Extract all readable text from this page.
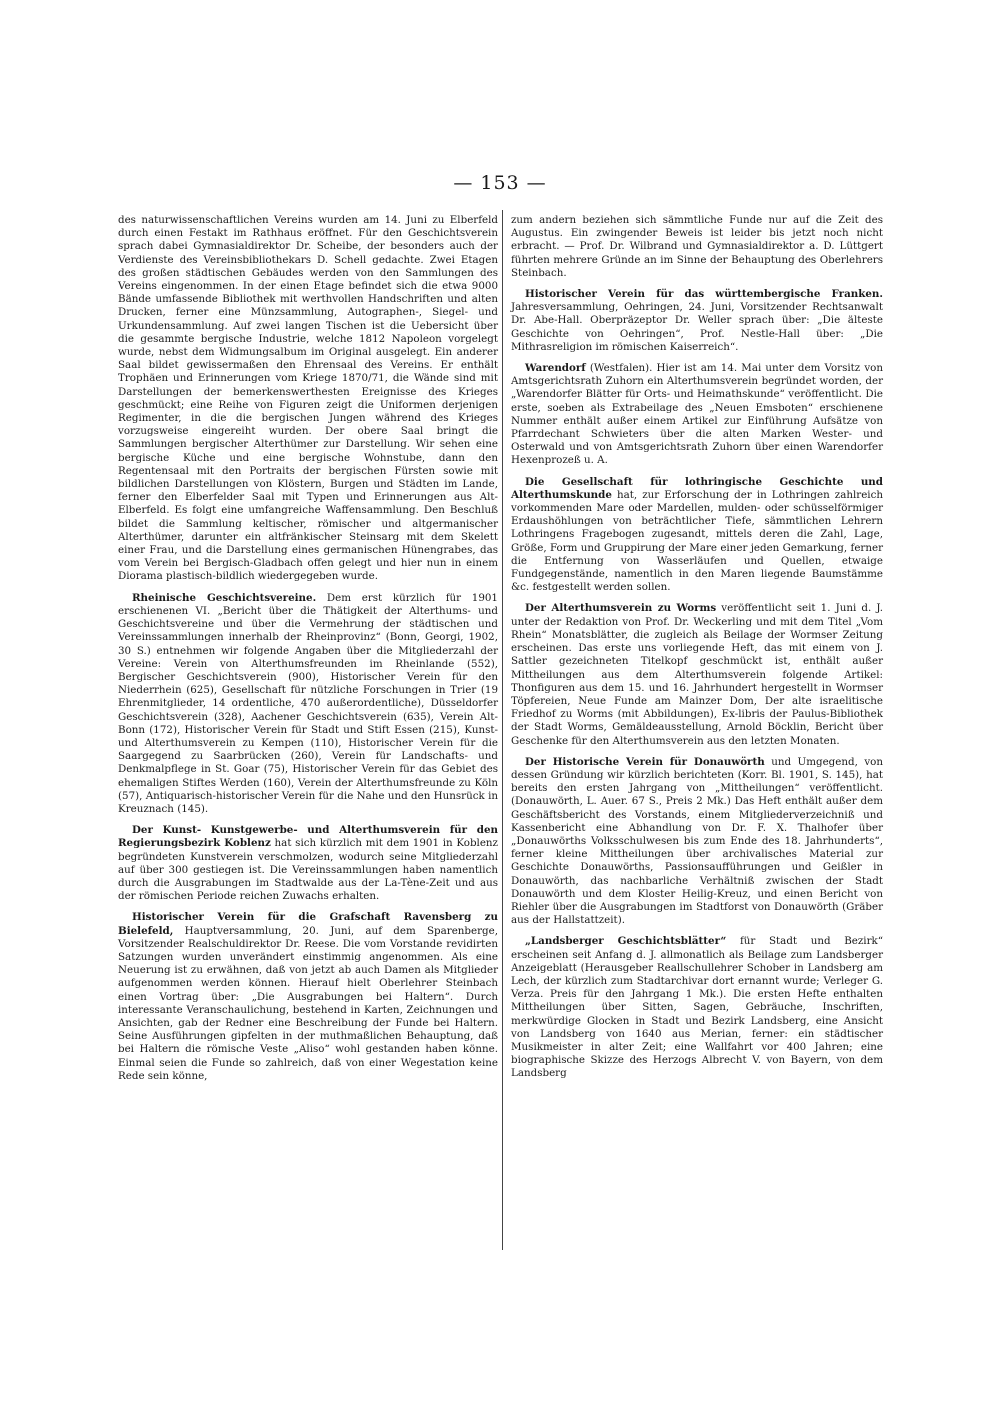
— 153 —

des naturwissenschaftlichen Vereins wurden am 14. Juni zu Elberfeld durch einen Festakt im Rathhaus eröffnet. Für den Geschichtsverein sprach dabei Gymnasialdirektor Dr. Scheibe, der besonders auch der Verdienste des Vereinsbibliothekars D. Schell gedachte. Zwei Etagen des großen städtischen Gebäudes werden von den Sammlungen des Vereins eingenommen. In der einen Etage befindet sich die etwa 9000 Bände umfassende Bibliothek mit werthvollen Handschriften und alten Drucken, ferner eine Münzsammlung, Autographen-, Siegel- und Urkundensammlung. Auf zwei langen Tischen ist die Uebersicht über die gesammte bergische Industrie, welche 1812 Napoleon vorgelegt wurde, nebst dem Widmungsalbum im Original ausgelegt. Ein anderer Saal bildet gewissermaßen den Ehrensaal des Vereins. Er enthält Trophäen und Erinnerungen vom Kriege 1870/71, die Wände sind mit Darstellungen der bemerkenswerthesten Ereignisse des Krieges geschmückt; eine Reihe von Figuren zeigt die Uniformen derjenigen Regimenter, in die die bergischen Jungen während des Krieges vorzugsweise eingereiht wurden. Der obere Saal bringt die Sammlungen bergischer Alterthümer zur Darstellung. Wir sehen eine bergische Küche und eine bergische Wohnstube, dann den Regentensaal mit den Portraits der bergischen Fürsten sowie mit bildlichen Darstellungen von Klöstern, Burgen und Städten im Lande, ferner den Elberfelder Saal mit Typen und Erinnerungen aus Alt-Elberfeld. Es folgt eine umfangreiche Waffensammlung. Den Beschluß bildet die Sammlung keltischer, römischer und altgermanischer Alterthümer, darunter ein altfränkischer Steinsarg mit dem Skelett einer Frau, und die Darstellung eines germanischen Hünengrabes, das vom Verein bei Bergisch-Gladbach offen gelegt und hier nun in einem Diorama plastisch-bildlich wiedergegeben wurde.

Rheinische Geschichtsvereine. Dem erst kürzlich für 1901 erschienenen VI. „Bericht über die Thätigkeit der Alterthums- und Geschichtsvereine und über die Vermehrung der städtischen und Vereinssammlungen innerhalb der Rheinprovinz“ (Bonn, Georgi, 1902, 30 S.) entnehmen wir folgende Angaben über die Mitgliederzahl der Vereine: Verein von Alterthumsfreunden im Rheinlande (552), Bergischer Geschichtsverein (900), Historischer Verein für den Niederrhein (625), Gesellschaft für nützliche Forschungen in Trier (19 Ehrenmitglieder, 14 ordentliche, 470 außerordentliche), Düsseldorfer Geschichtsverein (328), Aachener Geschichtsverein (635), Verein Alt-Bonn (172), Historischer Verein für Stadt und Stift Essen (215), Kunst- und Alterthumsverein zu Kempen (110), Historischer Verein für die Saargegend zu Saarbrücken (260), Verein für Landschafts- und Denkmalpflege in St. Goar (75), Historischer Verein für das Gebiet des ehemaligen Stiftes Werden (160), Verein der Alterthumsfreunde zu Köln (57), Antiquarisch-historischer Verein für die Nahe und den Hunsrück in Kreuznach (145).

Der Kunst- Kunstgewerbe- und Alterthumsverein für den Regierungsbezirk Koblenz hat sich kürzlich mit dem 1901 in Koblenz begründeten Kunstverein verschmolzen, wodurch seine Mitgliederzahl auf über 300 gestiegen ist. Die Vereinssammlungen haben namentlich durch die Ausgrabungen im Stadtwalde aus der La-Tène-Zeit und aus der römischen Periode reichen Zuwachs erhalten.

Historischer Verein für die Grafschaft Ravensberg zu Bielefeld, Hauptversammlung, 20. Juni, auf dem Sparenberge, Vorsitzender Realschuldirektor Dr. Reese. Die vom Vorstande revidirten Satzungen wurden unverändert einstimmig angenommen. Als eine Neuerung ist zu erwähnen, daß von jetzt ab auch Damen als Mitglieder aufgenommen werden können. Hierauf hielt Oberlehrer Steinbach einen Vortrag über: „Die Ausgrabungen bei Haltern“. Durch interessante Veranschaulichung, bestehend in Karten, Zeichnungen und Ansichten, gab der Redner eine Beschreibung der Funde bei Haltern. Seine Ausführungen gipfelten in der muthmaßlichen Behauptung, daß bei Haltern die römische Veste „Aliso“ wohl gestanden haben könne. Einmal seien die Funde so zahlreich, daß von einer Wegestation keine Rede sein könne,

zum andern beziehen sich sämmtliche Funde nur auf die Zeit des Augustus. Ein zwingender Beweis ist leider bis jetzt noch nicht erbracht. — Prof. Dr. Wilbrand und Gymnasialdirektor a. D. Lüttgert führten mehrere Gründe an im Sinne der Behauptung des Oberlehrers Steinbach.

Historischer Verein für das württembergische Franken. Jahresversammlung, Oehringen, 24. Juni, Vorsitzender Rechtsanwalt Dr. Abe-Hall. Oberpräzeptor Dr. Weller sprach über: „Die älteste Geschichte von Oehringen“, Prof. Nestle-Hall über: „Die Mithrasreligion im römischen Kaiserreich“.

Warendorf (Westfalen). Hier ist am 14. Mai unter dem Vorsitz von Amtsgerichtsrath Zuhorn ein Alterthumsverein begründet worden, der „Warendorfer Blätter für Orts- und Heimathskunde“ veröffentlicht. Die erste, soeben als Extrabeilage des „Neuen Emsboten“ erschienene Nummer enthält außer einem Artikel zur Einführung Aufsätze von Pfarrdechant Schwieters über die alten Marken Wester- und Osterwald und von Amtsgerichtsrath Zuhorn über einen Warendorfer Hexenprozeß u. A.

Die Gesellschaft für lothringische Geschichte und Alterthumskunde hat, zur Erforschung der in Lothringen zahlreich vorkommenden Mare oder Mardellen, mulden- oder schüsselförmiger Erdaushöhlungen von beträchtlicher Tiefe, sämmtlichen Lehrern Lothringens Fragebogen zugesandt, mittels deren die Zahl, Lage, Größe, Form und Gruppirung der Mare einer jeden Gemarkung, ferner die Entfernung von Wasserläufen und Quellen, etwaige Fundgegenstände, namentlich in den Maren liegende Baumstämme &c. festgestellt werden sollen.

Der Alterthumsverein zu Worms veröffentlicht seit 1. Juni d. J. unter der Redaktion von Prof. Dr. Weckerling und mit dem Titel „Vom Rhein“ Monatsblätter, die zugleich als Beilage der Wormser Zeitung erscheinen. Das erste uns vorliegende Heft, das mit einem von J. Sattler gezeichneten Titelkopf geschmückt ist, enthält außer Mittheilungen aus dem Alterthumsverein folgende Artikel: Thonfiguren aus dem 15. und 16. Jahrhundert hergestellt in Wormser Töpfereien, Neue Funde am Mainzer Dom, Der alte israelitische Friedhof zu Worms (mit Abbildungen), Ex-libris der Paulus-Bibliothek der Stadt Worms, Gemäldeausstellung, Arnold Böcklin, Bericht über Geschenke für den Alterthumsverein aus den letzten Monaten.

Der Historische Verein für Donauwörth und Umgegend, von dessen Gründung wir kürzlich berichteten (Korr. Bl. 1901, S. 145), hat bereits den ersten Jahrgang von „Mittheilungen“ veröffentlicht. (Donauwörth, L. Auer. 67 S., Preis 2 Mk.) Das Heft enthält außer dem Geschäftsbericht des Vorstands, einem Mitgliederverzeichniß und Kassenbericht eine Abhandlung von Dr. F. X. Thalhofer über „Donauwörths Volksschulwesen bis zum Ende des 18. Jahrhunderts“, ferner kleine Mittheilungen über archivalisches Material zur Geschichte Donauwörths, Passionsaufführungen und Geißler in Donauwörth, das nachbarliche Verhältniß zwischen der Stadt Donauwörth und dem Kloster Heilig-Kreuz, und einen Bericht von Riehler über die Ausgrabungen im Stadtforst von Donauwörth (Gräber aus der Hallstattzeit).

„Landsberger Geschichtsblätter“ für Stadt und Bezirk“ erscheinen seit Anfang d. J. allmonatlich als Beilage zum Landsberger Anzeigeblatt (Herausgeber Reallschullehrer Schober in Landsberg am Lech, der kürzlich zum Stadtarchivar dort ernannt wurde; Verleger G. Verza. Preis für den Jahrgang 1 Mk.). Die ersten Hefte enthalten Mittheilungen über Sitten, Sagen, Gebräuche, Inschriften, merkwürdige Glocken in Stadt und Bezirk Landsberg, eine Ansicht von Landsberg von 1640 aus Merian, ferner: ein städtischer Musikmeister in alter Zeit; eine Wallfahrt vor 400 Jahren; eine biographische Skizze des Herzogs Albrecht V. von Bayern, von dem Landsberg
